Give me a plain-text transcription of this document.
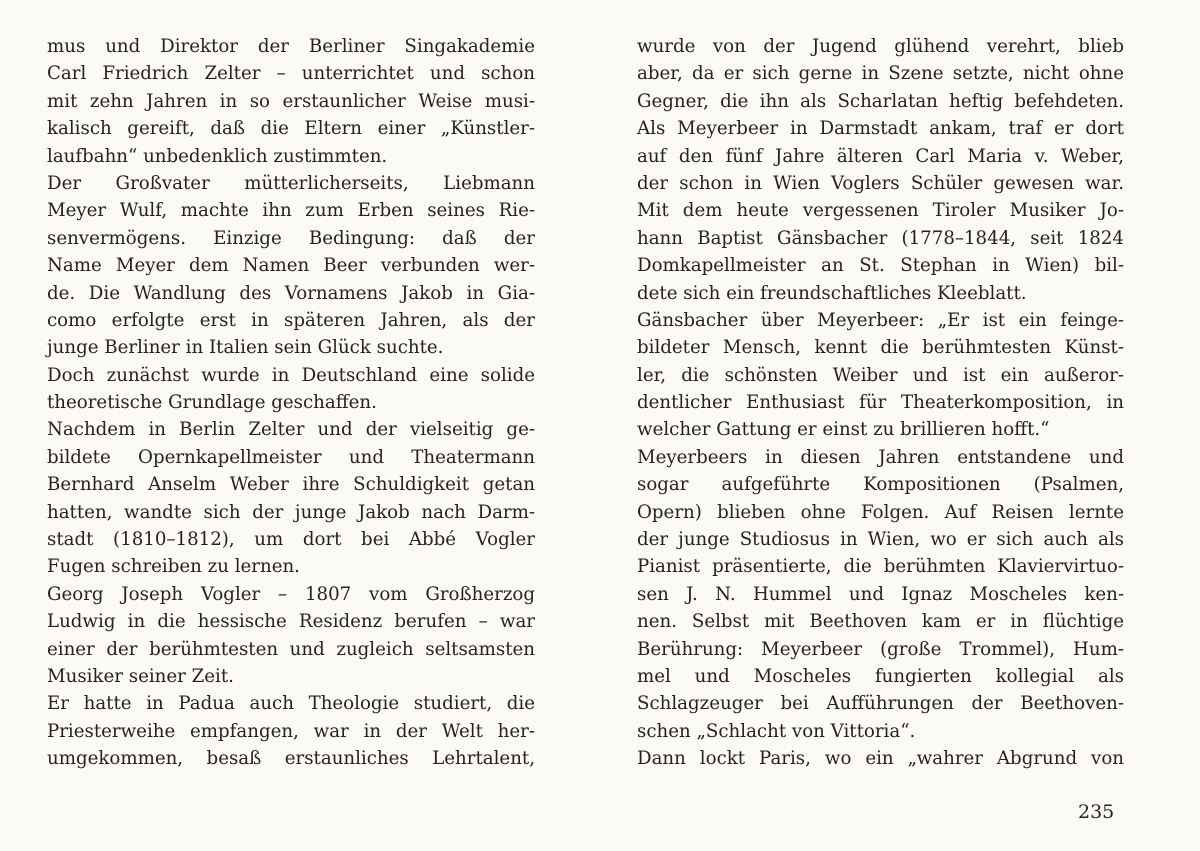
mus und Direktor der Berliner Singakademie
Carl Friedrich Zelter – unterrichtet und schon
mit zehn Jahren in so erstaunlicher Weise musi-
kalisch gereift, daß die Eltern einer „Künstler-
laufbahn“ unbedenklich zustimmten.
Der Großvater mütterlicherseits, Liebmann
Meyer Wulf, machte ihn zum Erben seines Rie-
senvermögens. Einzige Bedingung: daß der
Name Meyer dem Namen Beer verbunden wer-
de. Die Wandlung des Vornamens Jakob in Gia-
como erfolgte erst in späteren Jahren, als der
junge Berliner in Italien sein Glück suchte.
Doch zunächst wurde in Deutschland eine solide
theoretische Grundlage geschaffen.
Nachdem in Berlin Zelter und der vielseitig ge-
bildete Opernkapellmeister und Theatermann
Bernhard Anselm Weber ihre Schuldigkeit getan
hatten, wandte sich der junge Jakob nach Darm-
stadt (1810–1812), um dort bei Abbé Vogler
Fugen schreiben zu lernen.
Georg Joseph Vogler – 1807 vom Großherzog
Ludwig in die hessische Residenz berufen – war
einer der berühmtesten und zugleich seltsamsten
Musiker seiner Zeit.
Er hatte in Padua auch Theologie studiert, die
Priesterweihe empfangen, war in der Welt her-
umgekommen, besaß erstaunliches Lehrtalent,
wurde von der Jugend glühend verehrt, blieb
aber, da er sich gerne in Szene setzte, nicht ohne
Gegner, die ihn als Scharlatan heftig befehdeten.
Als Meyerbeer in Darmstadt ankam, traf er dort
auf den fünf Jahre älteren Carl Maria v. Weber,
der schon in Wien Voglers Schüler gewesen war.
Mit dem heute vergessenen Tiroler Musiker Jo-
hann Baptist Gänsbacher (1778–1844, seit 1824
Domkapellmeister an St. Stephan in Wien) bil-
dete sich ein freundschaftliches Kleeblatt.
Gänsbacher über Meyerbeer: „Er ist ein feinge-
bildeter Mensch, kennt die berühmtesten Künst-
ler, die schönsten Weiber und ist ein außeror-
dentlicher Enthusiast für Theaterkomposition, in
welcher Gattung er einst zu brillieren hofft.“
Meyerbeers in diesen Jahren entstandene und
sogar aufgeführte Kompositionen (Psalmen,
Opern) blieben ohne Folgen. Auf Reisen lernte
der junge Studiosus in Wien, wo er sich auch als
Pianist präsentierte, die berühmten Klaviervirtuo-
sen J. N. Hummel und Ignaz Moscheles ken-
nen. Selbst mit Beethoven kam er in flüchtige
Berührung: Meyerbeer (große Trommel), Hum-
mel und Moscheles fungierten kollegial als
Schlagzeuger bei Aufführungen der Beethoven-
schen „Schlacht von Vittoria“.
Dann lockt Paris, wo ein „wahrer Abgrund von
235
